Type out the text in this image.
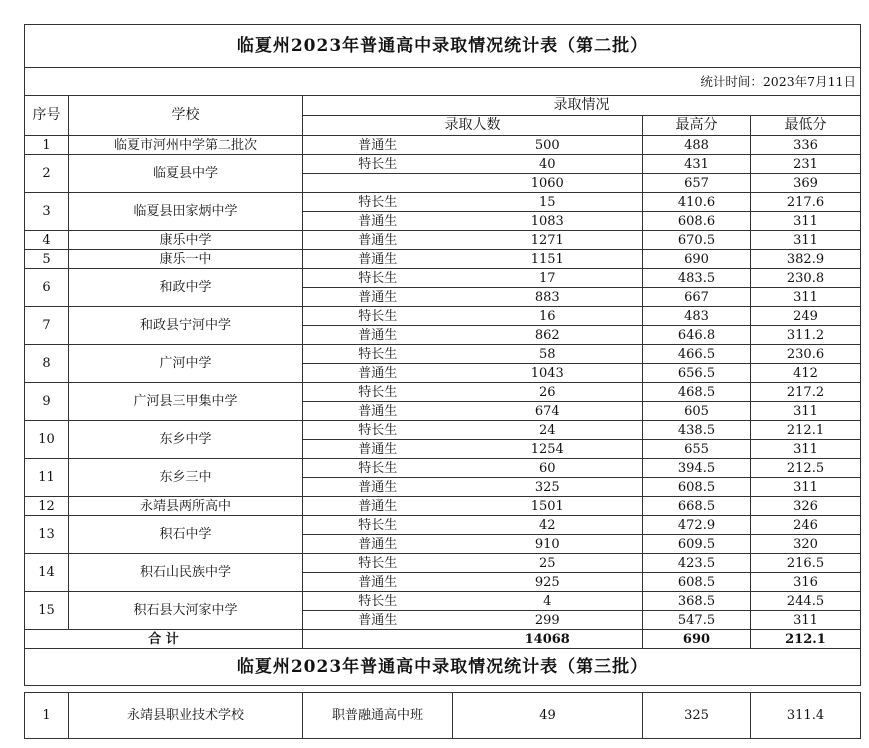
临夏州2023年普通高中录取情况统计表（第二批）					
统计时间：2023年7月11日					
序号	学校	录取情况			
		录取人数		最高分	最低分
1	临夏市河州中学第二批次	普通生	500	488	336
2	临夏县中学	特长生	40	431	231
			1060	657	369
3	临夏县田家炳中学	特长生	15	410.6	217.6
		普通生	1083	608.6	311
4	康乐中学	普通生	1271	670.5	311
5	康乐一中	普通生	1151	690	382.9
6	和政中学	特长生	17	483.5	230.8
		普通生	883	667	311
7	和政县宁河中学	特长生	16	483	249
		普通生	862	646.8	311.2
8	广河中学	特长生	58	466.5	230.6
		普通生	1043	656.5	412
9	广河县三甲集中学	特长生	26	468.5	217.2
		普通生	674	605	311
10	东乡中学	特长生	24	438.5	212.1
		普通生	1254	655	311
11	东乡三中	特长生	60	394.5	212.5
		普通生	325	608.5	311
12	永靖县两所高中	普通生	1501	668.5	326
13	积石中学	特长生	42	472.9	246
		普通生	910	609.5	320
14	积石山民族中学	特长生	25	423.5	216.5
		普通生	925	608.5	316
15	积石县大河家中学	特长生	4	368.5	244.5
		普通生	299	547.5	311
合 计			14068	690	212.1
临夏州2023年普通高中录取情况统计表（第三批）					

1	永靖县职业技术学校	职普融通高中班	49	325	311.4
